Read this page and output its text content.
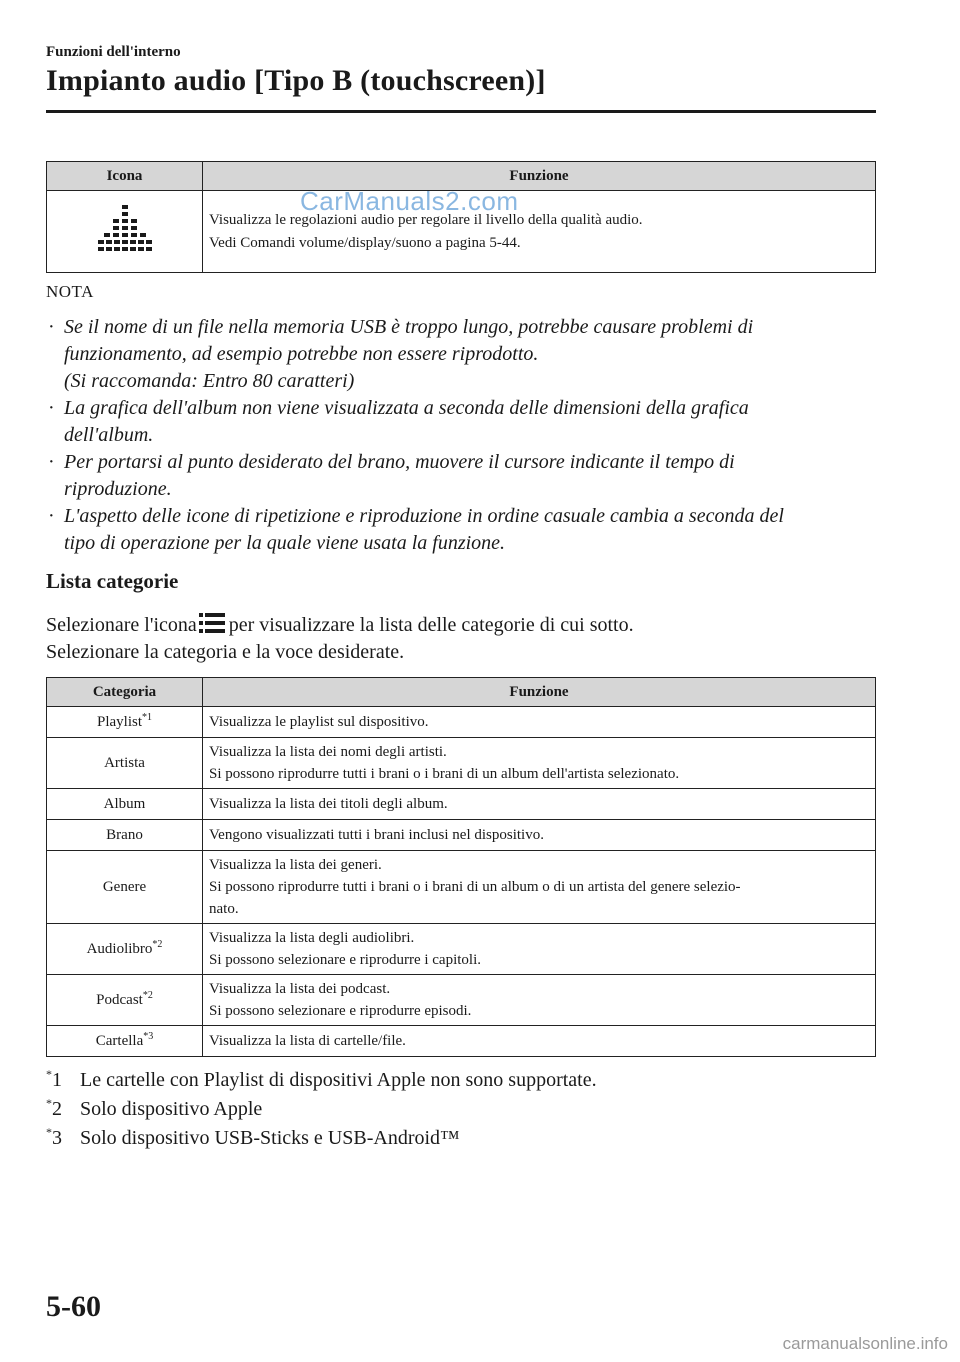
Funzioni dell'interno
Impianto audio [Tipo B (touchscreen)]
Icona	Funzione

Visualizza le regolazioni audio per regolare il livello della qualità audio.
Vedi Comandi volume/display/suono a pagina 5-44.
CarManuals2.com
NOTA
· Se il nome di un file nella memoria USB è troppo lungo, potrebbe causare problemi di
funzionamento, ad esempio potrebbe non essere riprodotto.
(Si raccomanda: Entro 80 caratteri)
· La grafica dell'album non viene visualizzata a seconda delle dimensioni della grafica
dell'album.
· Per portarsi al punto desiderato del brano, muovere il cursore indicante il tempo di
riproduzione.
· L'aspetto delle icone di ripetizione e riproduzione in ordine casuale cambia a seconda del
tipo di operazione per la quale viene usata la funzione.
Lista categorie
Selezionare l'icona per visualizzare la lista delle categorie di cui sotto.
Selezionare la categoria e la voce desiderate.
Categoria	Funzione
Playlist$^{*1}$	Visualizza le playlist sul dispositivo.

Artista	Visualizza la lista dei nomi degli artisti.
Si possono riprodurre tutti i brani o i brani di un album dell'artista selezionato.

Album	Visualizza la lista dei titoli degli album.

Brano	Vengono visualizzati tutti i brani inclusi nel dispositivo.

Genere	Visualizza la lista dei generi.
Si possono riprodurre tutti i brani o i brani di un album o di un artista del genere selezio-
nato.

Audiolibro$^{*2}$	Visualizza la lista degli audiolibri.
Si possono selezionare e riprodurre i capitoli.

Podcast$^{*2}$	Visualizza la lista dei podcast.
Si possono selezionare e riprodurre episodi.

Cartella$^{*3}$	Visualizza la lista di cartelle/file.
*1 Le cartelle con Playlist di dispositivi Apple non sono supportate.
*2 Solo dispositivo Apple
*3 Solo dispositivo USB-Sticks e USB-Android™
5-60
carmanualsonline.info
